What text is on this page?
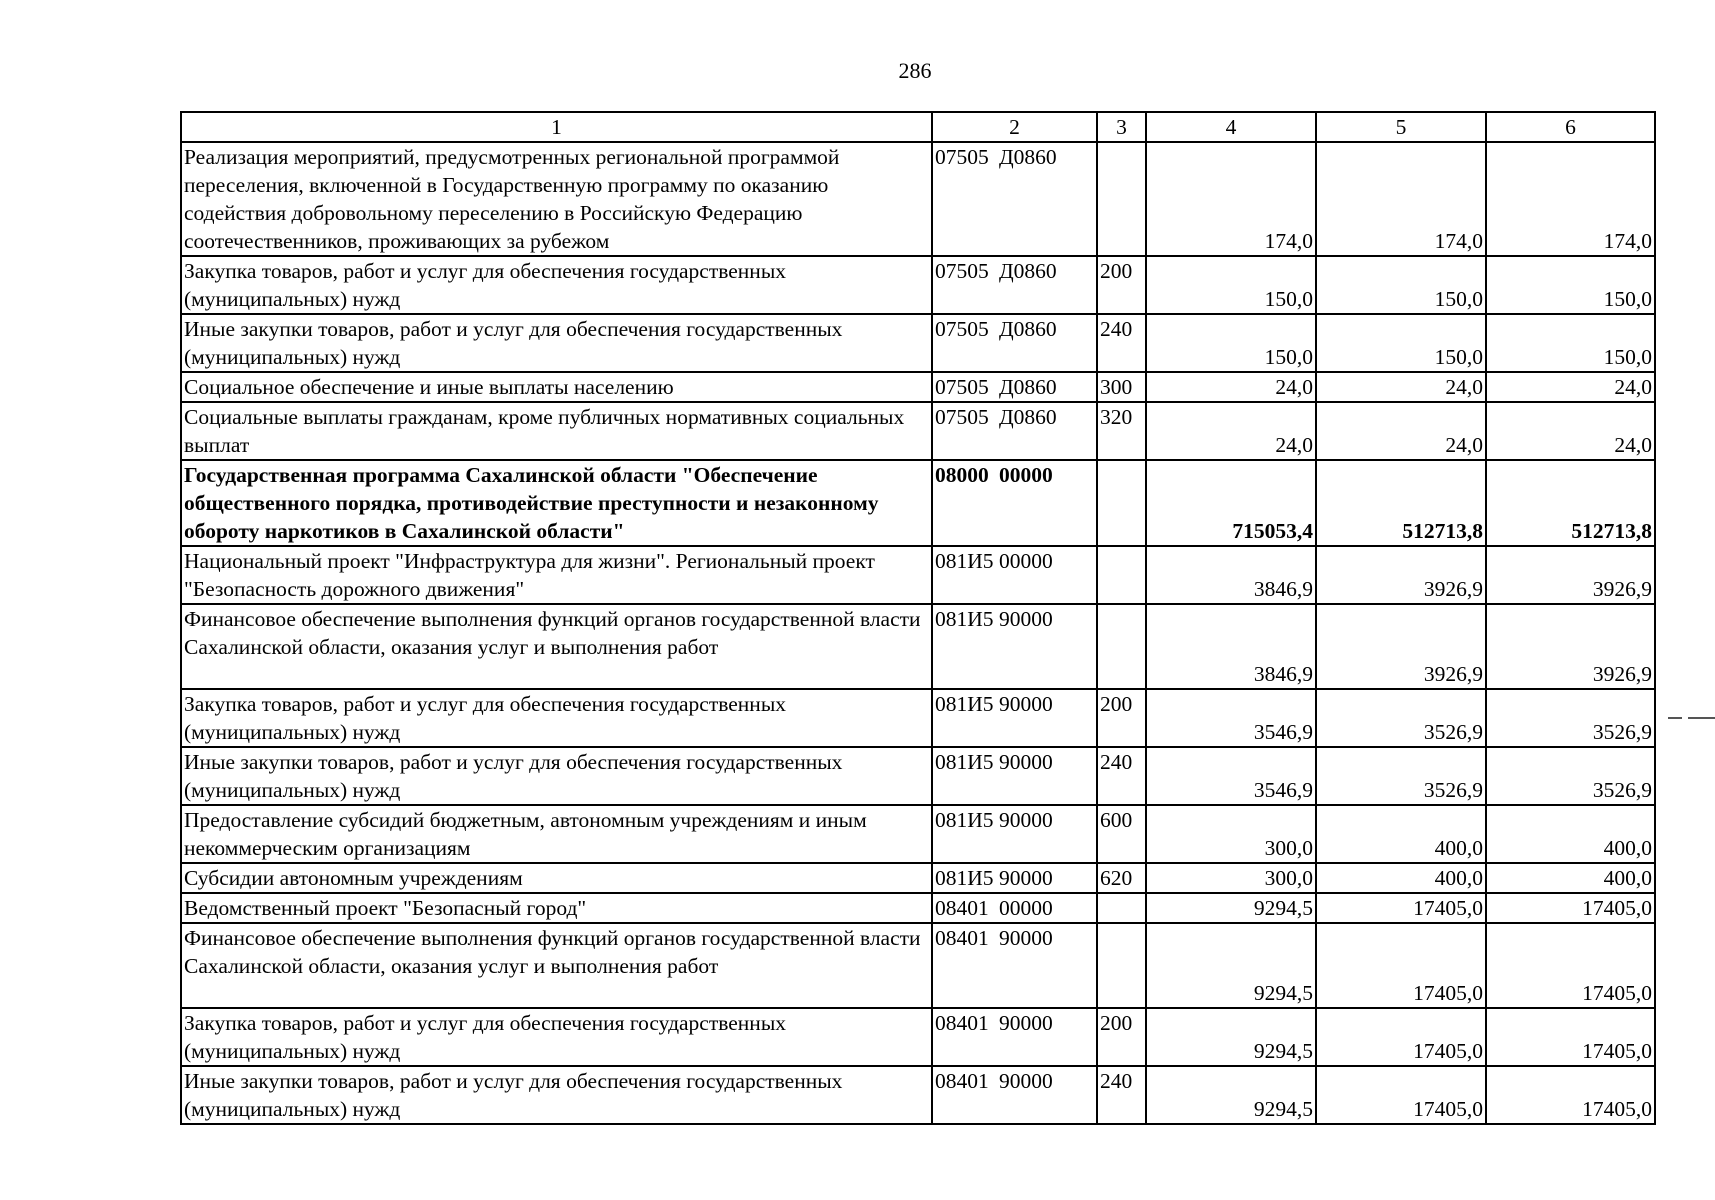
286
1	2	3	4	5	6
Реализация мероприятий, предусмотренных региональной программой переселения, включенной в Государственную программу по оказанию содействия добровольному переселению в Российскую Федерацию соотечественников, проживающих за рубежом	07505 Д0860		174,0	174,0	174,0
Закупка товаров, работ и услуг для обеспечения государственных (муниципальных) нужд	07505 Д0860	200	150,0	150,0	150,0
Иные закупки товаров, работ и услуг для обеспечения государственных (муниципальных) нужд	07505 Д0860	240	150,0	150,0	150,0
Социальное обеспечение и иные выплаты населению	07505 Д0860	300	24,0	24,0	24,0
Социальные выплаты гражданам, кроме публичных нормативных социальных выплат	07505 Д0860	320	24,0	24,0	24,0
Государственная программа Сахалинской области "Обеспечение общественного порядка, противодействие преступности и незаконному обороту наркотиков в Сахалинской области"	08000 00000		715053,4	512713,8	512713,8
Национальный проект "Инфраструктура для жизни". Региональный проект "Безопасность дорожного движения"	081И5 00000		3846,9	3926,9	3926,9
Финансовое обеспечение выполнения функций органов государственной власти Сахалинской области, оказания услуг и выполнения работ	081И5 90000		3846,9	3926,9	3926,9
Закупка товаров, работ и услуг для обеспечения государственных (муниципальных) нужд	081И5 90000	200	3546,9	3526,9	3526,9
Иные закупки товаров, работ и услуг для обеспечения государственных (муниципальных) нужд	081И5 90000	240	3546,9	3526,9	3526,9
Предоставление субсидий бюджетным, автономным учреждениям и иным некоммерческим организациям	081И5 90000	600	300,0	400,0	400,0
Субсидии автономным учреждениям	081И5 90000	620	300,0	400,0	400,0
Ведомственный проект "Безопасный город"	08401 00000		9294,5	17405,0	17405,0
Финансовое обеспечение выполнения функций органов государственной власти Сахалинской области, оказания услуг и выполнения работ	08401 90000		9294,5	17405,0	17405,0
Закупка товаров, работ и услуг для обеспечения государственных (муниципальных) нужд	08401 90000	200	9294,5	17405,0	17405,0
Иные закупки товаров, работ и услуг для обеспечения государственных (муниципальных) нужд	08401 90000	240	9294,5	17405,0	17405,0
